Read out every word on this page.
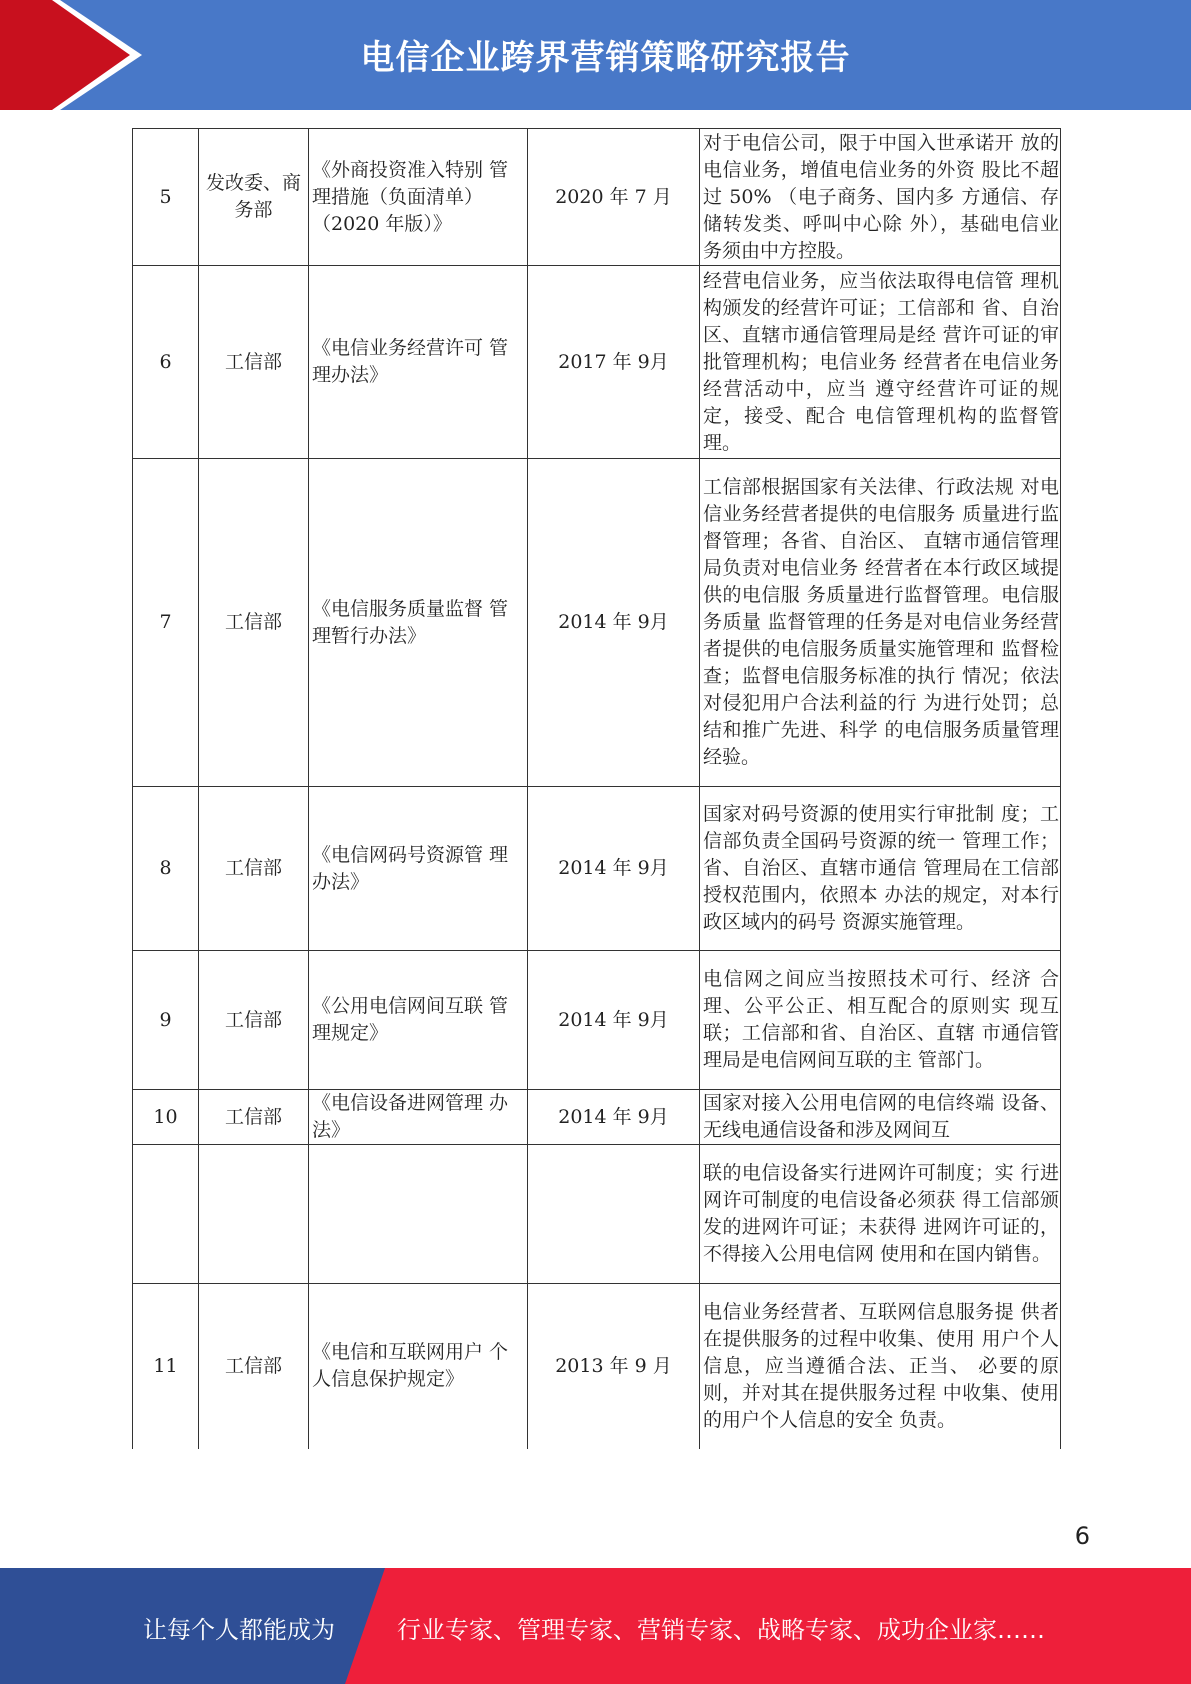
电信企业跨界营销策略研究报告
5	发改委、商务部	《外商投资准入特别 管理措施（负面清单）（2020 年版）》	2020 年 7 月	对于电信公司，限于中国入世承诺开 放的电信业务，增值电信业务的外资 股比不超过 50% （电子商务、国内多 方通信、存储转发类、呼叫中心除 外），基础电信业务须由中方控股。
6	工信部	《电信业务经营许可 管理办法》	2017 年 9月	经营电信业务，应当依法取得电信管 理机构颁发的经营许可证；工信部和 省、自治区、直辖市通信管理局是经 营许可证的审批管理机构；电信业务 经营者在电信业务经营活动中，应当 遵守经营许可证的规定，接受、配合 电信管理机构的监督管理。
7	工信部	《电信服务质量监督 管理暂行办法》	2014 年 9月	工信部根据国家有关法律、行政法规 对电信业务经营者提供的电信服务 质量进行监督管理；各省、自治区、 直辖市通信管理局负责对电信业务 经营者在本行政区域提供的电信服 务质量进行监督管理。电信服务质量 监督管理的任务是对电信业务经营 者提供的电信服务质量实施管理和 监督检查；监督电信服务标准的执行 情况；依法对侵犯用户合法利益的行 为进行处罚；总结和推广先进、科学 的电信服务质量管理经验。
8	工信部	《电信网码号资源管 理办法》	2014 年 9月	国家对码号资源的使用实行审批制 度；工信部负责全国码号资源的统一 管理工作；省、自治区、直辖市通信 管理局在工信部授权范围内，依照本 办法的规定，对本行政区域内的码号 资源实施管理。
9	工信部	《公用电信网间互联 管理规定》	2014 年 9月	电信网之间应当按照技术可行、经济 合理、公平公正、相互配合的原则实 现互联；工信部和省、自治区、直辖 市通信管理局是电信网间互联的主 管部门。
10	工信部	《电信设备进网管理 办法》	2014 年 9月	国家对接入公用电信网的电信终端 设备、无线电通信设备和涉及网间互
				联的电信设备实行进网许可制度；实 行进网许可制度的电信设备必须获 得工信部颁发的进网许可证；未获得 进网许可证的，不得接入公用电信网 使用和在国内销售。
11	工信部	《电信和互联网用户 个人信息保护规定》	2013 年 9 月	电信业务经营者、互联网信息服务提 供者在提供服务的过程中收集、使用 用户个人信息，应当遵循合法、正当、 必要的原则，并对其在提供服务过程 中收集、使用的用户个人信息的安全 负责。
6
让每个人都能成为	行业专家、管理专家、营销专家、战略专家、成功企业家……
